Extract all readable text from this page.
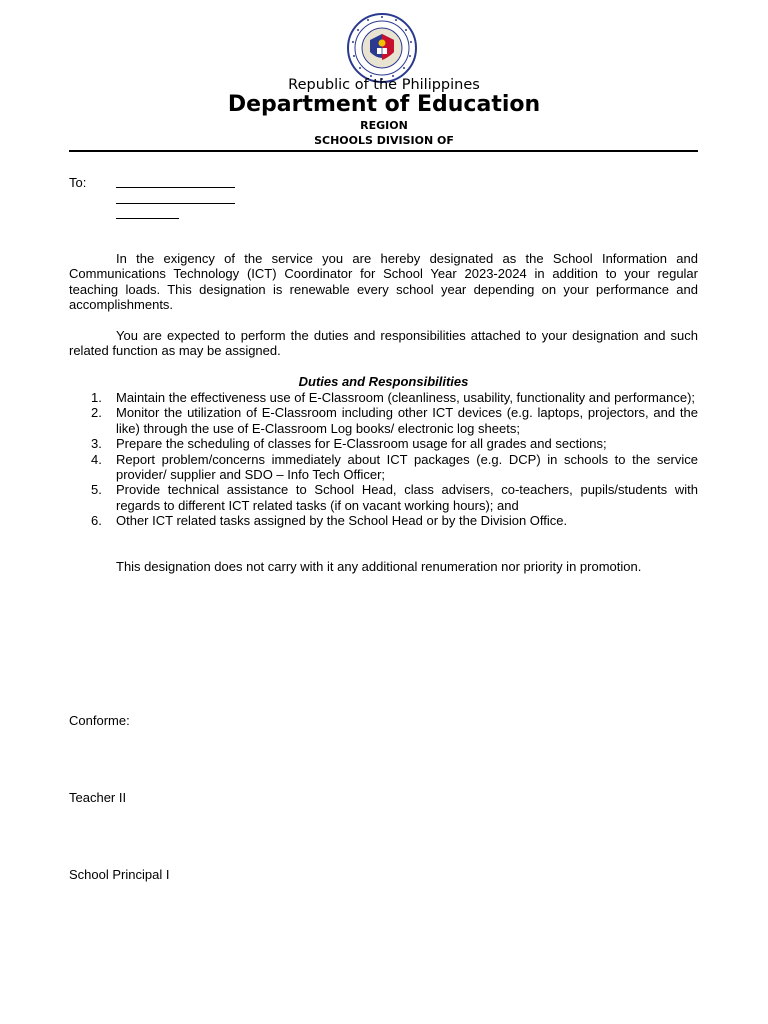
Republic of the Philippines
Department of Education
REGION
SCHOOLS DIVISION OF
To:

In the exigency of the service you are hereby designated as the School Information and Communications Technology (ICT) Coordinator for School Year 2023-2024 in addition to your regular teaching loads. This designation is renewable every school year depending on your performance and accomplishments.

You are expected to perform the duties and responsibilities attached to your designation and such related function as may be assigned.

Duties and Responsibilities
1. Maintain the effectiveness use of E-Classroom (cleanliness, usability, functionality and performance);
2. Monitor the utilization of E-Classroom including other ICT devices (e.g. laptops, projectors, and the like) through the use of E-Classroom Log books/ electronic log sheets;
3. Prepare the scheduling of classes for E-Classroom usage for all grades and sections;
4. Report problem/concerns immediately about ICT packages (e.g. DCP) in schools to the service provider/ supplier and SDO – Info Tech Officer;
5. Provide technical assistance to School Head, class advisers, co-teachers, pupils/students with regards to different ICT related tasks (if on vacant working hours); and
6. Other ICT related tasks assigned by the School Head or by the Division Office.

This designation does not carry with it any additional renumeration nor priority in promotion.

Conforme:
Teacher II
School Principal I
